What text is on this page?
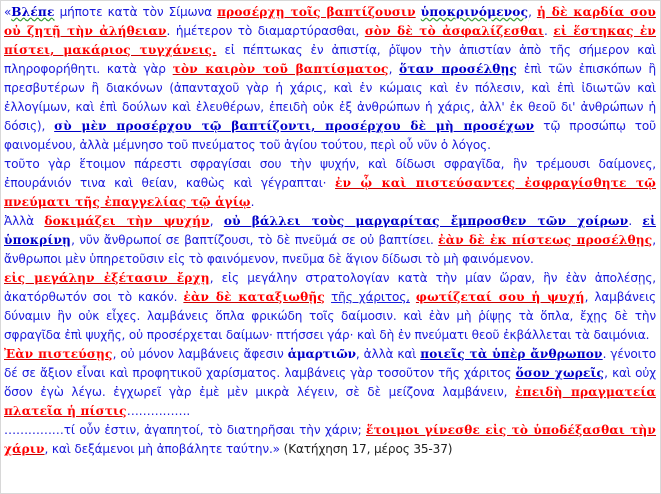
«Βλέπε μήποτε κατὰ τὸν Σίμωνα προσέρχῃ τοῖς βαπτίζουσιν ὑποκρινόμενος, ἡ δὲ καρδία σου οὐ ζητῇ τὴν ἀλήθειαν. ἡμέτερον τὸ διαμαρτύρασθαι, σὸν δὲ τὸ ἀσφαλίζεσθαι. εἰ ἕστηκας ἐν πίστει, μακάριος τυγχάνεις. εἰ πέπτωκας ἐν ἀπιστίᾳ, ῥῖψον τὴν ἀπιστίαν ἀπὸ τῆς σήμερον καὶ πληροφορήθητι. κατὰ γὰρ τὸν καιρὸν τοῦ βαπτίσματος, ὅταν προσέλθῃς ἐπὶ τῶν ἐπισκόπων ἢ πρεσβυτέρων ἢ διακόνων (ἀπανταχοῦ γὰρ ἡ χάρις, καὶ ἐν κώμαις καὶ ἐν πόλεσιν, καὶ ἐπὶ ἰδιωτῶν καὶ ἐλλογίμων, καὶ ἐπὶ δούλων καὶ ἐλευθέρων, ἐπειδὴ οὐκ ἐξ ἀνθρώπων ἡ χάρις, ἀλλ' ἐκ θεοῦ δι' ἀνθρώπων ἡ δόσις), σὺ μὲν προσέρχου τῷ βαπτίζοντι, προσέρχου δὲ μὴ προσέχων τῷ προσώπῳ τοῦ φαινομένου, ἀλλὰ μέμνησο τοῦ πνεύματος τοῦ ἁγίου τούτου, περὶ οὗ νῦν ὁ λόγος.

τοῦτο γὰρ ἕτοιμον πάρεστι σφραγίσαι σου τὴν ψυχήν, καὶ δίδωσι σφραγῖδα, ἣν τρέμουσι δαίμονες, ἐπουράνιόν τινα καὶ θείαν, καθὼς καὶ γέγραπται· ἐν ᾧ καὶ πιστεύσαντες ἐσφραγίσθητε τῷ πνεύματι τῆς ἐπαγγελίας τῷ ἁγίῳ.

Ἀλλὰ δοκιμάζει τὴν ψυχήν, οὐ βάλλει τοὺς μαργαρίτας ἔμπροσθεν τῶν χοίρων. εἰ ὑποκρίνῃ, νῦν ἄνθρωποί σε βαπτίζουσι, τὸ δὲ πνεῦμά σε οὐ βαπτίσει. ἐὰν δὲ ἐκ πίστεως προσέλθῃς, ἄνθρωποι μὲν ὑπηρετοῦσιν εἰς τὸ φαινόμενον, πνεῦμα δὲ ἅγιον δίδωσι τὸ μὴ φαινόμενον.

εἰς μεγάλην ἐξέτασιν ἔρχῃ, εἰς μεγάλην στρατολογίαν κατὰ τὴν μίαν ὥραν, ἣν ἐὰν ἀπολέσῃς, ἀκατόρθωτόν σοι τὸ κακόν. ἐὰν δὲ καταξιωθῇς τῆς χάριτος, φωτίζεταί σου ἡ ψυχή, λαμβάνεις δύναμιν ἣν οὐκ εἶχες. λαμβάνεις ὅπλα φρικώδη τοῖς δαίμοσιν. καὶ ἐὰν μὴ ῥίψῃς τὰ ὅπλα, ἔχῃς δὲ τὴν σφραγῖδα ἐπὶ ψυχῆς, οὐ προσέρχεται δαίμων· πτήσσει γάρ· καὶ δὴ ἐν πνεύματι θεοῦ ἐκβάλλεται τὰ δαιμόνια.

Ἐὰν πιστεύσῃς, οὐ μόνον λαμβάνεις ἄφεσιν ἁμαρτιῶν, ἀλλὰ καὶ ποιεῖς τὰ ὑπὲρ ἄνθρωπον. γένοιτο δέ σε ἄξιον εἶναι καὶ προφητικοῦ χαρίσματος. λαμβάνεις γὰρ τοσοῦτον τῆς χάριτος ὅσον χωρεῖς, καὶ οὐχ ὅσον ἐγὼ λέγω. ἐγχωρεῖ γὰρ ἐμὲ μὲν μικρὰ λέγειν, σὲ δὲ μείζονα λαμβάνειν, ἐπειδὴ πραγματεία πλατεῖα ἡ πίστις…………….

……………τί οὖν ἐστιν, ἀγαπητοί, τὸ διατηρῆσαι τὴν χάριν; ἕτοιμοι γίνεσθε εἰς τὸ ὑποδέξασθαι τὴν χάριν, καὶ δεξάμενοι μὴ ἀποβάλητε ταύτην.» (Κατήχηση 17, μέρος 35-37)
